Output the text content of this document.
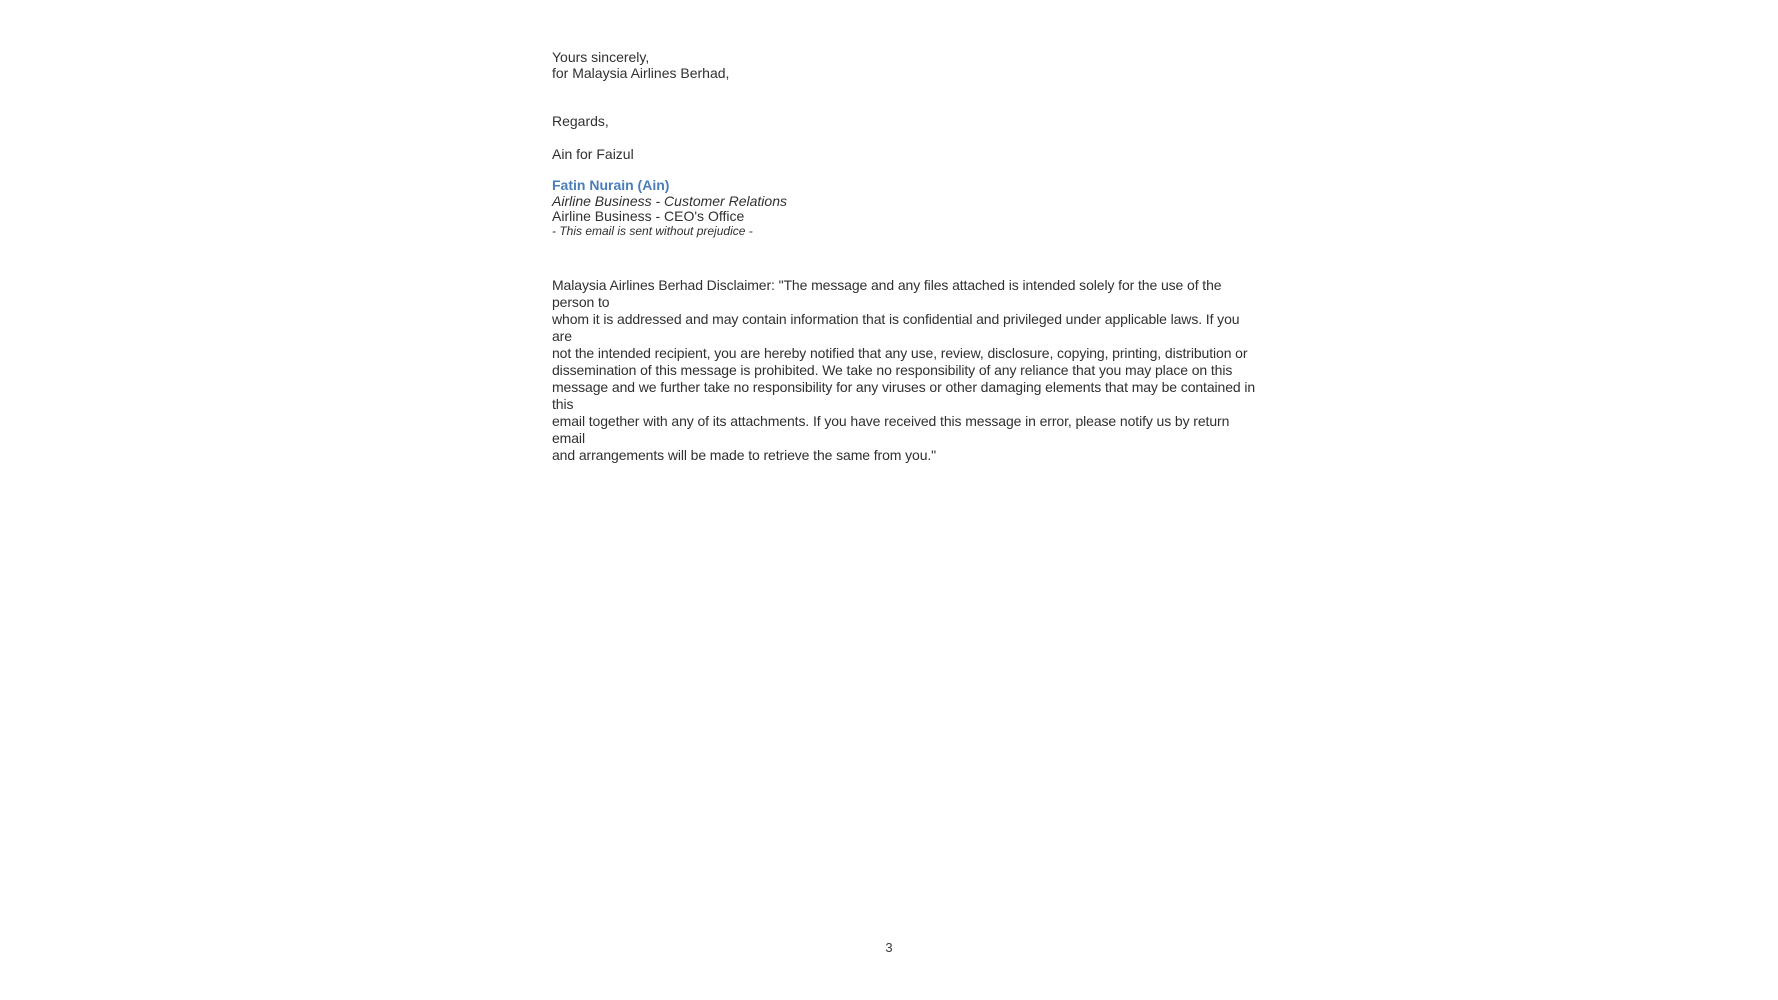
Yours sincerely,
for Malaysia Airlines Berhad,
Regards,
Ain for Faizul
Fatin Nurain (Ain)
Airline Business - Customer Relations
Airline Business - CEO's Office
- This email is sent without prejudice -
Malaysia Airlines Berhad Disclaimer: "The message and any files attached is intended solely for the use of the person to
whom it is addressed and may contain information that is confidential and privileged under applicable laws. If you are
not the intended recipient, you are hereby notified that any use, review, disclosure, copying, printing, distribution or
dissemination of this message is prohibited. We take no responsibility of any reliance that you may place on this
message and we further take no responsibility for any viruses or other damaging elements that may be contained in this
email together with any of its attachments. If you have received this message in error, please notify us by return email
and arrangements will be made to retrieve the same from you."
3
